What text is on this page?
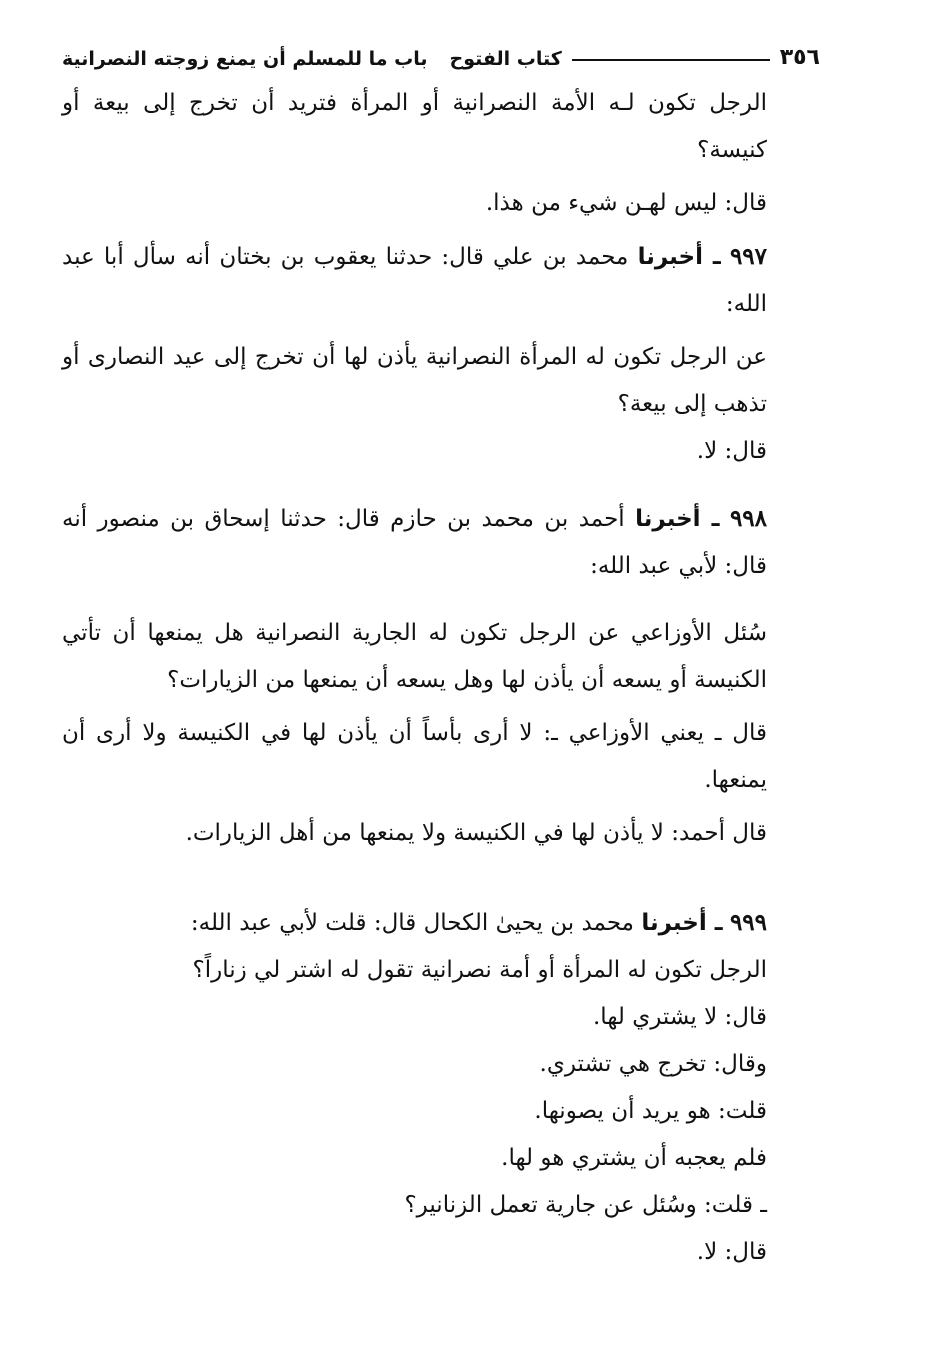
٣٥٦
كتاب الفتوح
باب ما للمسلم أن يمنع زوجته النصرانية

الرجل تكون لـه الأمة النصرانية أو المرأة فتريد أن تخرج إلى بيعة أو كنيسة؟

قال: ليس لهـن شيء من هذا.

٩٩٧ ـ أخبرنا محمد بن علي قال: حدثنا يعقوب بن بختان أنه سأل أبا عبد الله:

عن الرجل تكون له المرأة النصرانية يأذن لها أن تخرج إلى عيد النصارى أو تذهب إلى بيعة؟

قال: لا.

٩٩٨ ـ أخبرنا أحمد بن محمد بن حازم قال: حدثنا إسحاق بن منصور أنه قال: لأبي عبد الله:

سُئل الأوزاعي عن الرجل تكون له الجارية النصرانية هل يمنعها أن تأتي الكنيسة أو يسعه أن يأذن لها وهل يسعه أن يمنعها من الزيارات؟

قال ـ يعني الأوزاعي ـ: لا أرى بأساً أن يأذن لها في الكنيسة ولا أرى أن يمنعها.

قال أحمد: لا يأذن لها في الكنيسة ولا يمنعها من أهل الزيارات.

٩٩٩ ـ أخبرنا محمد بن يحيىٰ الكحال قال: قلت لأبي عبد الله:

الرجل تكون له المرأة أو أمة نصرانية تقول له اشتر لي زناراً؟

قال: لا يشتري لها.

وقال: تخرج هي تشتري.

قلت: هو يريد أن يصونها.

فلم يعجبه أن يشتري هو لها.

ـ قلت: وسُئل عن جارية تعمل الزنانير؟

قال: لا.
